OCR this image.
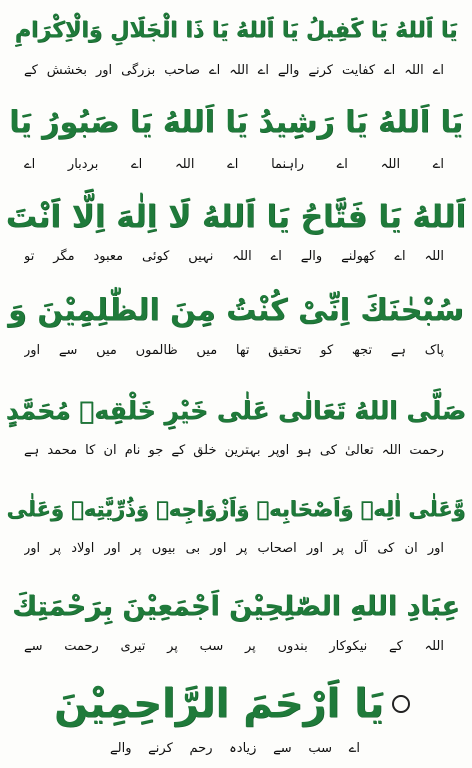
يَا اَللهُ يَا كَفِيلُ يَا اَللهُ يَا ذَا الْجَلَالِ وَالْاِكْرَامِ
اے اللہ اے کفایت کرنے والے اے اللہ اے صاحب بزرگی اور بخشش کے
يَا اَللهُ يَا رَشِيدُ يَا اَللهُ يَا صَبُورُ يَا
اے اللہ اے راہنما اے اللہ اے بردبار اے
اَللهُ يَا فَتَّاحُ يَا اَللهُ لَا اِلٰهَ اِلَّا اَنْتَ
اللہ اے کھولنے والے اے اللہ نہیں کوئی معبود مگر تو
سُبْحٰنَكَ اِنِّىْ كُنْتُ مِنَ الظّٰلِمِيْنَ وَ
پاک ہے تجھ کو تحقیق تھا میں ظالموں میں سے اور
صَلَّى اللهُ تَعَالٰى عَلٰى خَيْرِ خَلْقِهٖ مُحَمَّدٍ
رحمت اللہ تعالیٰ کی ہو اوپر بہترین خلق کے جو نام ان کا محمد ہے
وَّعَلٰى اٰلِهٖ وَاَصْحَابِهٖ وَاَزْوَاجِهٖ وَذُرِّيَّتِهٖ وَعَلٰى
اور ان کی آل پر اور اصحاب پر اور بی بیوں پر اور اولاد پر اور
عِبَادِ اللهِ الصّٰلِحِيْنَ اَجْمَعِيْنَ بِرَحْمَتِكَ
اللہ کے نیکوکار بندوں پر سب پر تیری رحمت سے
يَا اَرْحَمَ الرَّاحِمِيْنَ
اے سب سے زیادہ رحم کرنے والے
